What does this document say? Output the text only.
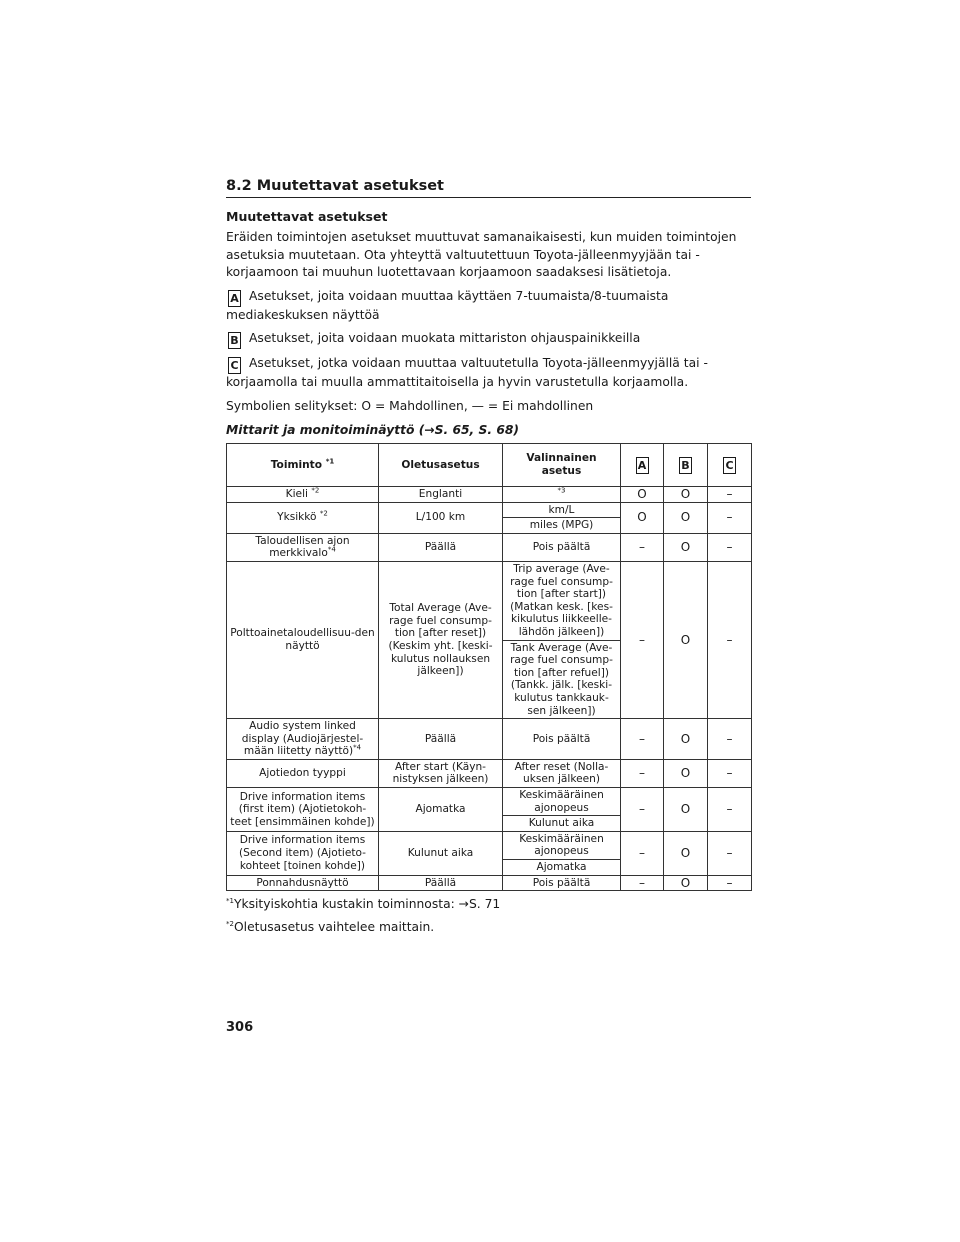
8.2 Muutettavat asetukset
Muutettavat asetukset

Eräiden toimintojen asetukset muuttuvat samanaikaisesti, kun muiden toimintojen asetuksia muutetaan. Ota yhteyttä valtuutettuun Toyota-jälleenmyyjään tai -korjaamoon tai muuhun luotettavaan korjaamoon saadaksesi lisätietoja.

A Asetukset, joita voidaan muuttaa käyttäen 7-tuumaista/8-tuumaista mediakeskuksen näyttöä

B Asetukset, joita voidaan muokata mittariston ohjauspainikkeilla

C Asetukset, jotka voidaan muuttaa valtuutetulla Toyota-jälleenmyyjällä tai -korjaamolla tai muulla ammattitaitoisella ja hyvin varustetulla korjaamolla.

Symbolien selitykset: O = Mahdollinen, — = Ei mahdollinen

Mittarit ja monitoiminäyttö (→S. 65, S. 68)
Toiminto $^{*1}$	Oletusasetus	Valinnainen asetus	A	B	C
Kieli $^{*2}$	Englanti	$^{*3}$	O	O	–
Yksikkö $^{*2}$	L/100 km	km/L	O	O	–
		miles (MPG)			
Taloudellisen ajon merkkivalo$^{*4}$	Päällä	Pois päältä	–	O	–
Polttoainetaloudellisuu-den näyttö	Total Average (Ave-rage fuel consump-tion [after reset]) (Keskim yht. [keski-kulutus nollauksen jälkeen])	Trip average (Ave-rage fuel consump-tion [after start]) (Matkan kesk. [kes-kikulutus liikkeelle-lähdön jälkeen])	–	O	–
		Tank Average (Ave-rage fuel consump-tion [after refuel]) (Tankk. jälk. [keski-kulutus tankkauk-sen jälkeen])			
Audio system linked display (Audiojärjestel-mään liitetty näyttö)$^{*4}$	Päällä	Pois päältä	–	O	–
Ajotiedon tyyppi	After start (Käyn-nistyksen jälkeen)	After reset (Nolla-uksen jälkeen)	–	O	–
Drive information items (first item) (Ajotietokoh-teet [ensimmäinen kohde])	Ajomatka	Keskimääräinen ajonopeus	–	O	–
		Kulunut aika			
Drive information items (Second item) (Ajotieto-kohteet [toinen kohde])	Kulunut aika	Keskimääräinen ajonopeus	–	O	–
		Ajomatka			
Ponnahdusnäyttö	Päällä	Pois päältä	–	O	–

$^{*1}$Yksityiskohtia kustakin toiminnosta: →S. 71

$^{*2}$Oletusasetus vaihtelee maittain.

306
